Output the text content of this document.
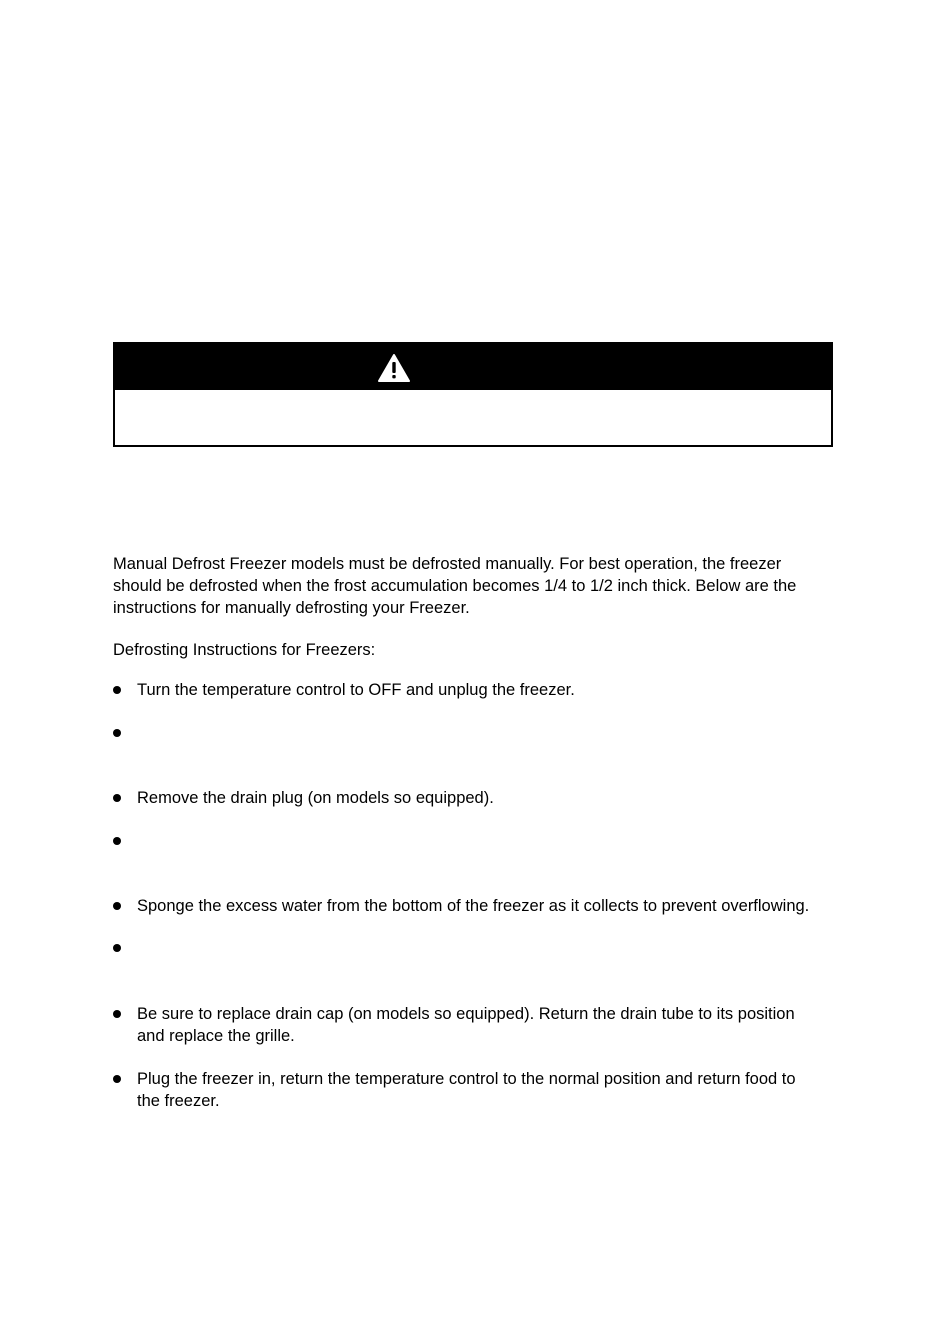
Manual Defrost Freezer models must be defrosted manually. For best operation, the freezer
should be defrosted when the frost accumulation becomes 1/4 to 1/2 inch thick. Below are the
instructions for manually defrosting your Freezer.
Defrosting Instructions for Freezers:
Turn the temperature control to OFF and unplug the freezer.
Remove the drain plug (on models so equipped).
Sponge the excess water from the bottom of the freezer as it collects to prevent overflowing.
Be sure to replace drain cap (on models so equipped). Return the drain tube to its position
and replace the grille.
Plug the freezer in, return the temperature control to the normal position and return food to
the freezer.
